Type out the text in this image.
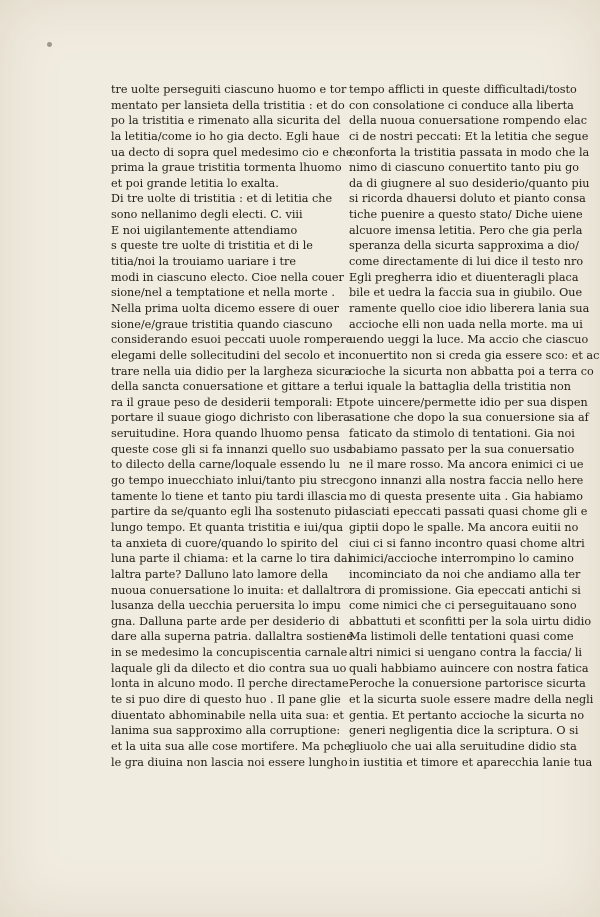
tre uolte perseguiti ciascuno huomo e tor
mentato per lansieta della tristitia : et do
po la tristitia e rimenato alla sicurita del
la letitia/come io ho gia decto. Egli haue
ua decto di sopra quel medesimo cio e che
prima la graue tristitia tormenta lhuomo
et poi grande letitia lo exalta.
Di tre uolte di tristitia : et di letitia che
sono nellanimo degli electi. C. viii
E noi uigilantemente attendiamo
s queste tre uolte di tristitia et di le
titia/noi la trouiamo uariare i tre
modi in ciascuno electo. Cioe nella couer
sione/nel a temptatione et nella morte .
Nella prima uolta dicemo essere di ouer
sione/e/graue tristitia quando ciascuno
considerando esuoi peccati uuole rompere
elegami delle sollecitudini del secolo et in
trare nella uia didio per la largheza sicura
della sancta conuersatione et gittare a ter
ra il graue peso de desiderii temporali: Et
portare il suaue giogo dichristo con libera
seruitudine. Hora quando lhuomo pensa
queste cose gli si fa innanzi quello suo usa
to dilecto della carne/loquale essendo lu
go tempo inuecchiato inlui/tanto piu strec
tamente lo tiene et tanto piu tardi illascia
partire da se/quanto egli lha sostenuto piu
lungo tempo. Et quanta tristitia e iui/qua
ta anxieta di cuore/quando lo spirito del
luna parte il chiama: et la carne lo tira dal
laltra parte? Dalluno lato lamore della
nuoua conuersatione lo inuita: et dallaltro
lusanza della uecchia peruersita lo impu
gna. Dalluna parte arde per desiderio di
dare alla superna patria. dallaltra sostiene
in se medesimo la concupiscentia carnale
laquale gli da dilecto et dio contra sua uo
lonta in alcuno modo. Il perche directame
te si puo dire di questo huo . Il pane glie
diuentato abhominabile nella uita sua: et
lanima sua sapproximo alla corruptione:
et la uita sua alle cose mortifere. Ma pche
le gra diuina non lascia noi essere lungho
tempo afflicti in queste difficultadi/tosto
con consolatione ci conduce alla liberta
della nuoua conuersatione rompendo elac
ci de nostri peccati: Et la letitia che segue
conforta la tristitia passata in modo che la
nimo di ciascuno conuertito tanto piu go
da di giugnere al suo desiderio/quanto piu
si ricorda dhauersi doluto et pianto consa
tiche puenire a questo stato/ Diche uiene
alcuore imensa letitia. Pero che gia perla
speranza della sicurta sapproxima a dio/
come directamente di lui dice il testo nro
Egli pregherra idio et diuenteragli placa
bile et uedra la faccia sua in giubilo. Oue
ramente quello cioe idio liberera lania sua
accioche elli non uada nella morte. ma ui
uendo ueggi la luce. Ma accio che ciascuo
conuertito non si creda gia essere sco: et ac
cioche la sicurta non abbatta poi a terra co
lui iquale la battaglia della tristitia non
pote uincere/permette idio per sua dispen
satione che dopo la sua conuersione sia af
faticato da stimolo di tentationi. Gia noi
babiamo passato per la sua conuersatio
ne il mare rosso. Ma ancora enimici ci ue
gono innanzi alla nostra faccia nello here
mo di questa presente uita . Gia habiamo
lasciati epeccati passati quasi chome gli e
giptii dopo le spalle. Ma ancora euitii no
ciui ci si fanno incontro quasi chome altri
nimici/accioche interrompino lo camino
incominciato da noi che andiamo alla ter
ra di promissione. Gia epeccati antichi si
come nimici che ci perseguitauano sono
abbattuti et sconfitti per la sola uirtu didio
Ma listimoli delle tentationi quasi come
altri nimici si uengano contra la faccia/ li
quali habbiamo auincere con nostra fatica
Peroche la conuersione partorisce sicurta
et la sicurta suole essere madre della negli
gentia. Et pertanto accioche la sicurta no
generi negligentia dice la scriptura. O si
gliuolo che uai alla seruitudine didio sta
in iustitia et timore et aparecchia lanie tua
